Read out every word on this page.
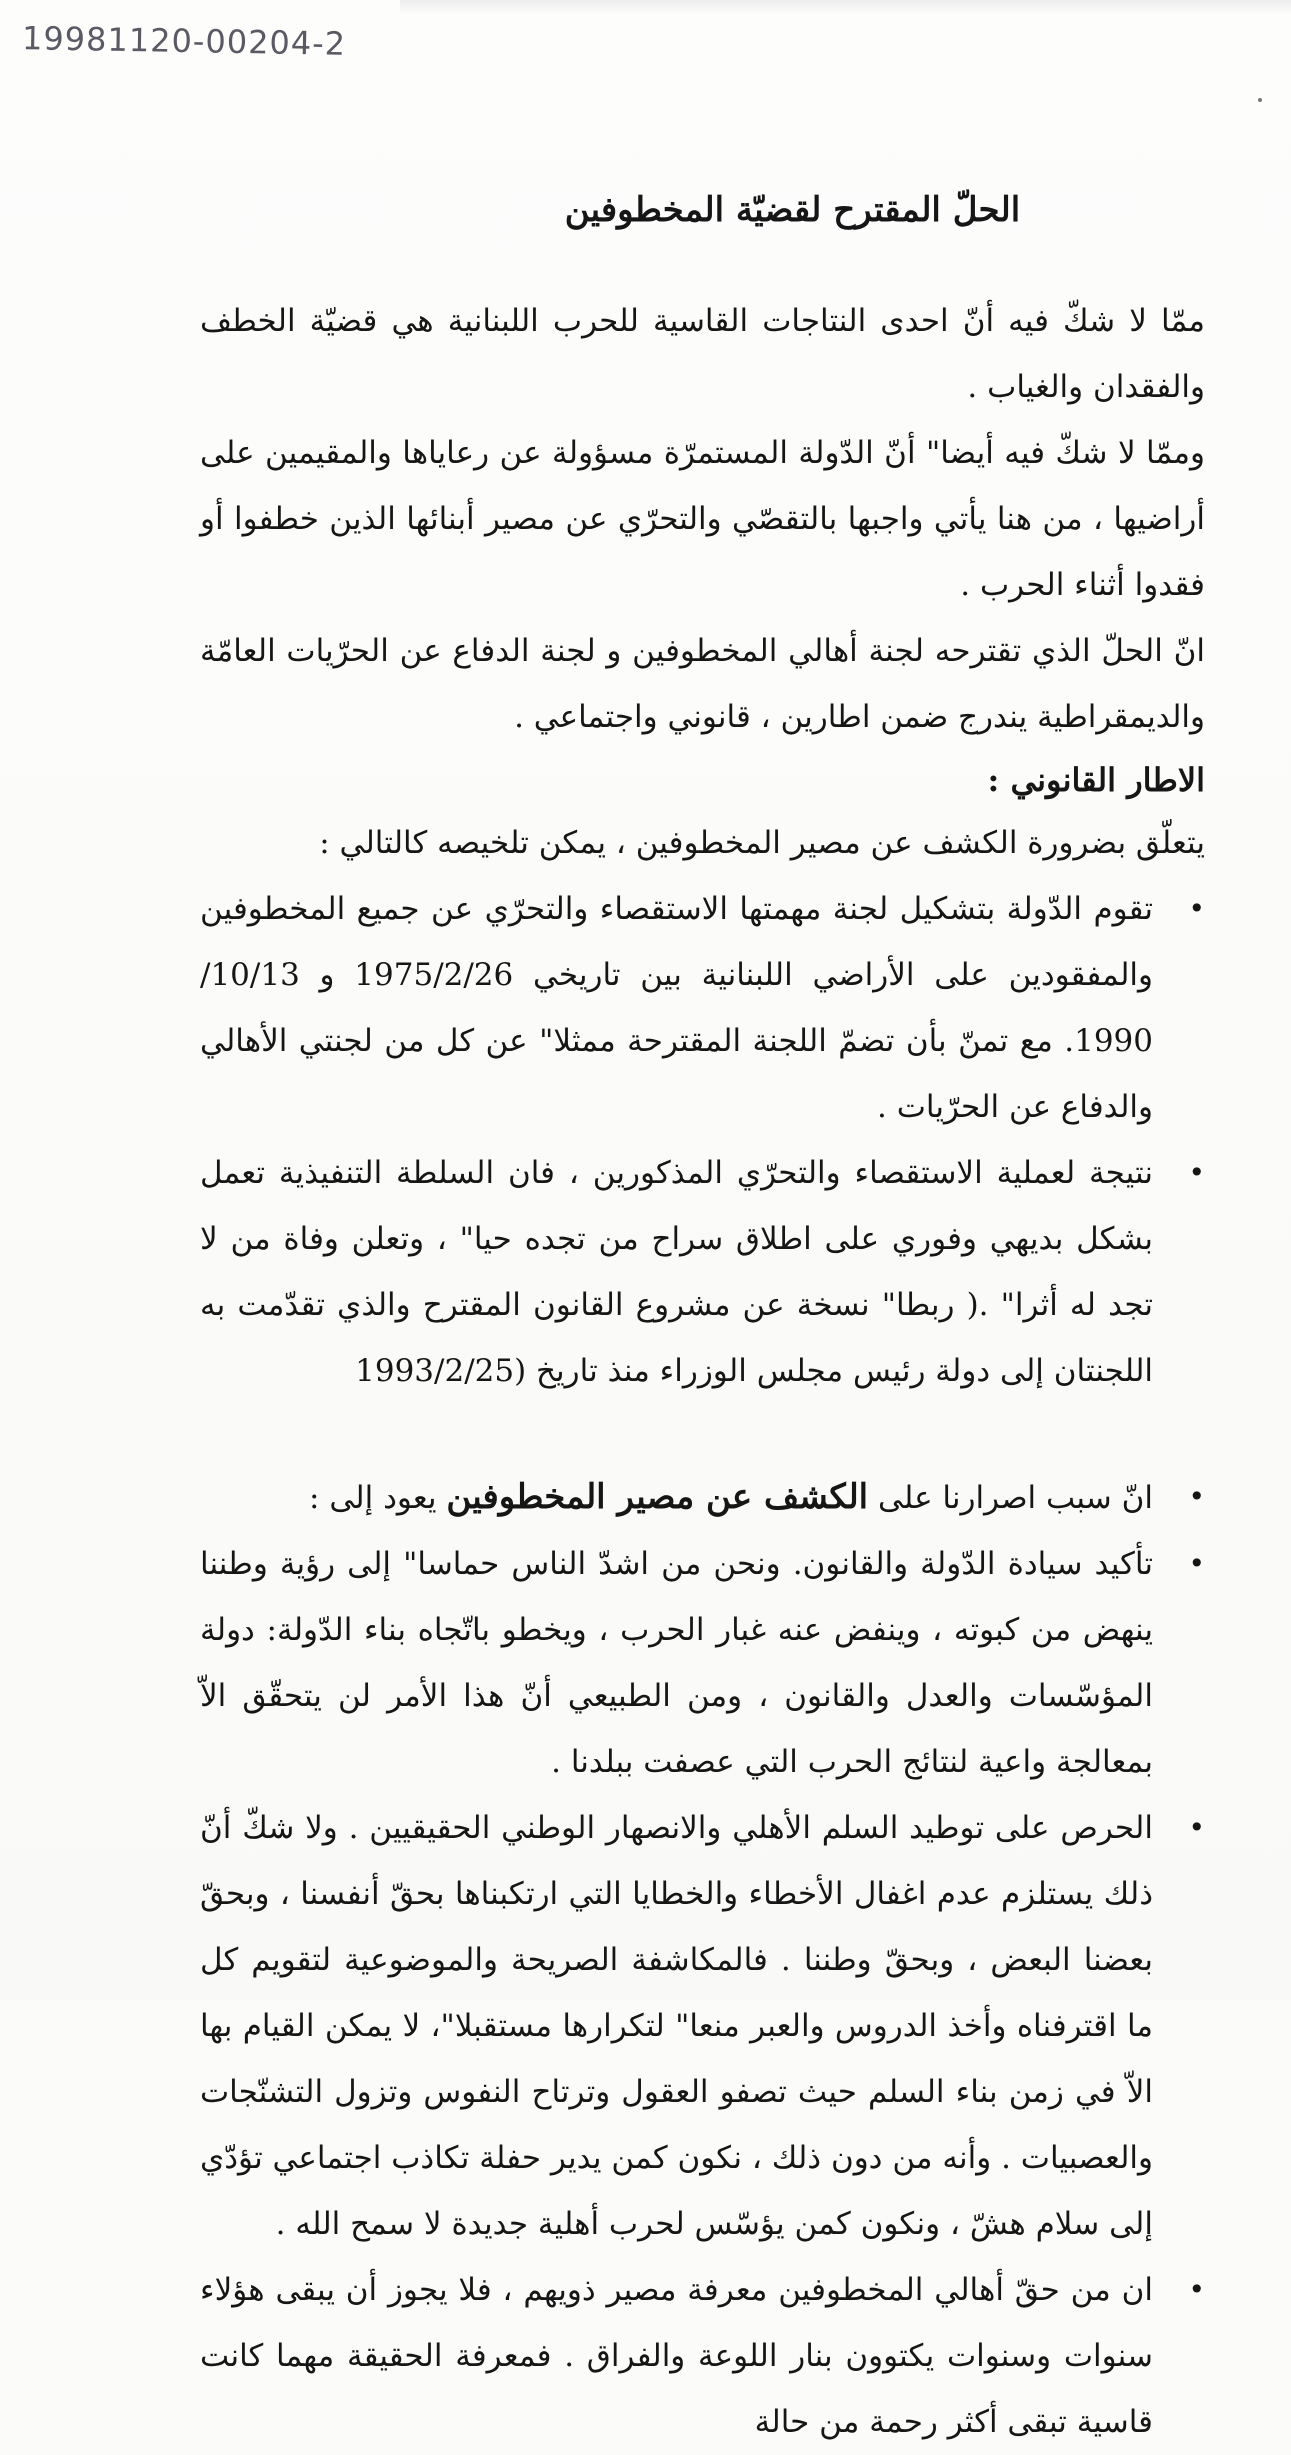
19981120-00204-2
الحلّ المقترح لقضيّة المخطوفين

ممّا لا شكّ فيه أنّ احدى النتاجات القاسية للحرب اللبنانية هي قضيّة الخطف والفقدان والغياب .

وممّا لا شكّ فيه أيضا" أنّ الدّولة المستمرّة مسؤولة عن رعاياها والمقيمين على أراضيها ، من هنا يأتي واجبها بالتقصّي والتحرّي عن مصير أبنائها الذين خطفوا أو فقدوا أثناء الحرب .

انّ الحلّ الذي تقترحه لجنة أهالي المخطوفين و لجنة الدفاع عن الحرّيات العامّة والديمقراطية يندرج ضمن اطارين ، قانوني واجتماعي .

الاطار القانوني :

يتعلّق بضرورة الكشف عن مصير المخطوفين ، يمكن تلخيصه كالتالي :

•
تقوم الدّولة بتشكيل لجنة مهمتها الاستقصاء والتحرّي عن جميع المخطوفين والمفقودين على الأراضي اللبنانية بين تاريخي 1975/2/26 و 10/13/ 1990. مع تمنّ بأن تضمّ اللجنة المقترحة ممثلا" عن كل من لجنتي الأهالي والدفاع عن الحرّيات .
•
نتيجة لعملية الاستقصاء والتحرّي المذكورين ، فان السلطة التنفيذية تعمل بشكل بديهي وفوري على اطلاق سراح من تجده حيا" ، وتعلن وفاة من لا تجد له أثرا" .( ربطا" نسخة عن مشروع القانون المقترح والذي تقدّمت به اللجنتان إلى دولة رئيس مجلس الوزراء منذ تاريخ (1993/2/25
•
انّ سبب اصرارنا على الكشف عن مصير المخطوفين يعود إلى :
•
تأكيد سيادة الدّولة والقانون. ونحن من اشدّ الناس حماسا" إلى رؤية وطننا ينهض من كبوته ، وينفض عنه غبار الحرب ، ويخطو باتّجاه بناء الدّولة: دولة المؤسّسات والعدل والقانون ، ومن الطبيعي أنّ هذا الأمر لن يتحقّق الاّ بمعالجة واعية لنتائج الحرب التي عصفت ببلدنا .
•
الحرص على توطيد السلم الأهلي والانصهار الوطني الحقيقيين . ولا شكّ أنّ ذلك يستلزم عدم اغفال الأخطاء والخطايا التي ارتكبناها بحقّ أنفسنا ، وبحقّ بعضنا البعض ، وبحقّ وطننا . فالمكاشفة الصريحة والموضوعية لتقويم كل ما اقترفناه وأخذ الدروس والعبر منعا" لتكرارها مستقبلا"، لا يمكن القيام بها الاّ في زمن بناء السلم حيث تصفو العقول وترتاح النفوس وتزول التشنّجات والعصبيات . وأنه من دون ذلك ، نكون كمن يدير حفلة تكاذب اجتماعي تؤدّي إلى سلام هشّ ، ونكون كمن يؤسّس لحرب أهلية جديدة لا سمح الله .
•
ان من حقّ أهالي المخطوفين معرفة مصير ذويهم ، فلا يجوز أن يبقى هؤلاء سنوات وسنوات يكتوون بنار اللوعة والفراق . فمعرفة الحقيقة مهما كانت قاسية تبقى أكثر رحمة من حالة
